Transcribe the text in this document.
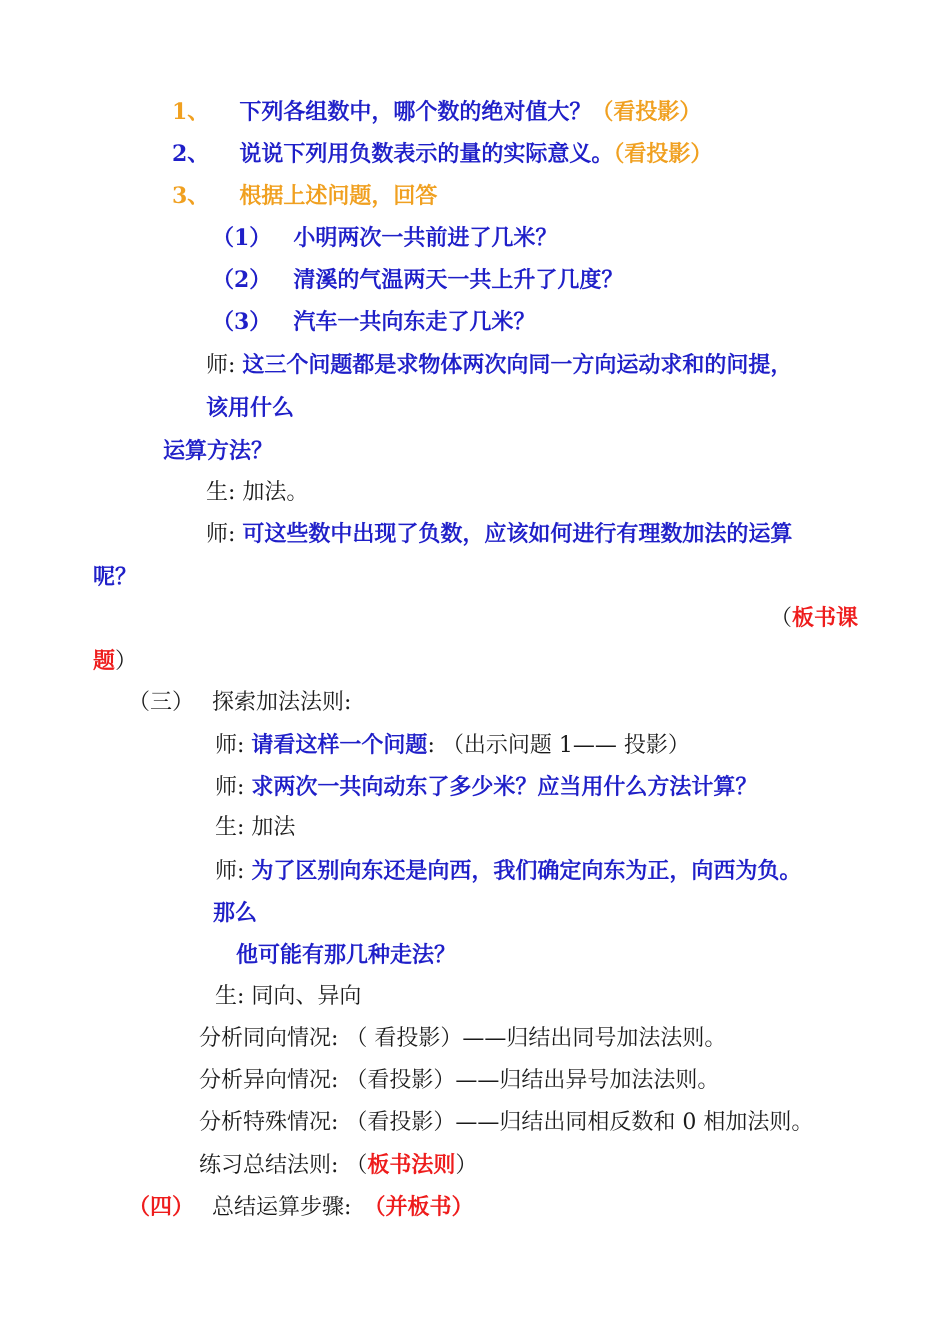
1、 下列各组数中，哪个数的绝对值大？（看投影）
2、 说说下列用负数表示的量的实际意义。（看投影）
3、 根据上述问题，回答
（1） 小明两次一共前进了几米？
（2） 清溪的气温两天一共上升了几度？
（3） 汽车一共向东走了几米？
师: 这三个问题都是求物体两次向同一方向运动求和的问提，
该用什么
运算方法？
生: 加法。
师: 可这些数中出现了负数，应该如何进行有理数加法的运算
呢？
（板书课
题）
（三） 探索加法法则:
师: 请看这样一个问题: （出示问题 1—— 投影）
师: 求两次一共向动东了多少米？应当用什么方法计算？
生: 加法
师: 为了区别向东还是向西，我们确定向东为正，向西为负。
那么
他可能有那几种走法？
生: 同向、异向
分析同向情况: （ 看投影）——归结出同号加法法则。
分析异向情况: （看投影）——归结出异号加法法则。
分析特殊情况: （看投影）——归结出同相反数和 0 相加法则。
练习总结法则: （板书法则）
（四） 总结运算步骤: （并板书）
